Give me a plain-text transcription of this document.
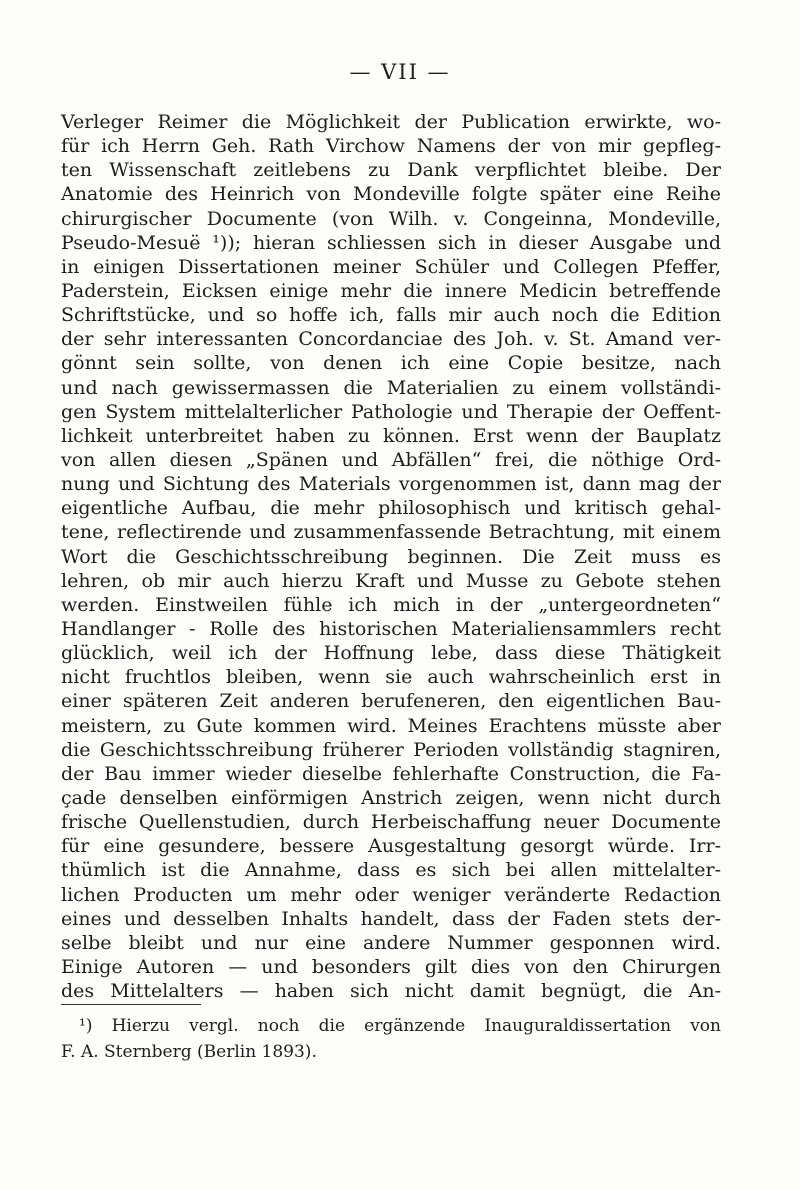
— VII —
Verleger Reimer die Möglichkeit der Publication erwirkte, wo-
für ich Herrn Geh. Rath Virchow Namens der von mir gepfleg-
ten Wissenschaft zeitlebens zu Dank verpflichtet bleibe. Der
Anatomie des Heinrich von Mondeville folgte später eine Reihe
chirurgischer Documente (von Wilh. v. Congeinna, Mondeville,
Pseudo-Mesuë ¹)); hieran schliessen sich in dieser Ausgabe und
in einigen Dissertationen meiner Schüler und Collegen Pfeffer,
Paderstein, Eicksen einige mehr die innere Medicin betreffende
Schriftstücke, und so hoffe ich, falls mir auch noch die Edition
der sehr interessanten Concordanciae des Joh. v. St. Amand ver-
gönnt sein sollte, von denen ich eine Copie besitze, nach
und nach gewissermassen die Materialien zu einem vollständi-
gen System mittelalterlicher Pathologie und Therapie der Oeffent-
lichkeit unterbreitet haben zu können. Erst wenn der Bauplatz
von allen diesen „Spänen und Abfällen“ frei, die nöthige Ord-
nung und Sichtung des Materials vorgenommen ist, dann mag der
eigentliche Aufbau, die mehr philosophisch und kritisch gehal-
tene, reflectirende und zusammenfassende Betrachtung, mit einem
Wort die Geschichtsschreibung beginnen. Die Zeit muss es
lehren, ob mir auch hierzu Kraft und Musse zu Gebote stehen
werden. Einstweilen fühle ich mich in der „untergeordneten“
Handlanger - Rolle des historischen Materialiensammlers recht
glücklich, weil ich der Hoffnung lebe, dass diese Thätigkeit
nicht fruchtlos bleiben, wenn sie auch wahrscheinlich erst in
einer späteren Zeit anderen berufeneren, den eigentlichen Bau-
meistern, zu Gute kommen wird. Meines Erachtens müsste aber
die Geschichtsschreibung früherer Perioden vollständig stagniren,
der Bau immer wieder dieselbe fehlerhafte Construction, die Fa-
çade denselben einförmigen Anstrich zeigen, wenn nicht durch
frische Quellenstudien, durch Herbeischaffung neuer Documente
für eine gesundere, bessere Ausgestaltung gesorgt würde. Irr-
thümlich ist die Annahme, dass es sich bei allen mittelalter-
lichen Producten um mehr oder weniger veränderte Redaction
eines und desselben Inhalts handelt, dass der Faden stets der-
selbe bleibt und nur eine andere Nummer gesponnen wird.
Einige Autoren — und besonders gilt dies von den Chirurgen
des Mittelalters — haben sich nicht damit begnügt, die An-
¹) Hierzu vergl. noch die ergänzende Inauguraldissertation von
F. A. Sternberg (Berlin 1893).
